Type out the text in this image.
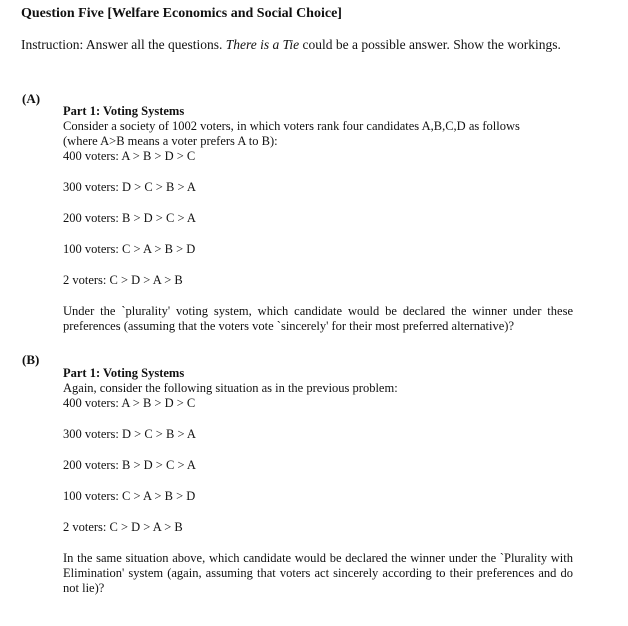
Question Five [Welfare Economics and Social Choice]
Instruction: Answer all the questions. There is a Tie could be a possible answer. Show the workings.
(A)
Part 1: Voting Systems
Consider a society of 1002 voters, in which voters rank four candidates A,B,C,D as follows
(where A>B means a voter prefers A to B):
400 voters: A > B > D > C
300 voters: D > C > B > A
200 voters: B > D > C > A
100 voters: C > A > B > D
2 voters: C > D > A > B
Under the `plurality' voting system, which candidate would be declared the winner under these preferences (assuming that the voters vote `sincerely' for their most preferred alternative)?
(B)
Part 1: Voting Systems
Again, consider the following situation as in the previous problem:
400 voters: A > B > D > C
300 voters: D > C > B > A
200 voters: B > D > C > A
100 voters: C > A > B > D
2 voters: C > D > A > B
In the same situation above, which candidate would be declared the winner under the `Plurality with Elimination' system (again, assuming that voters act sincerely according to their preferences and do not lie)?
